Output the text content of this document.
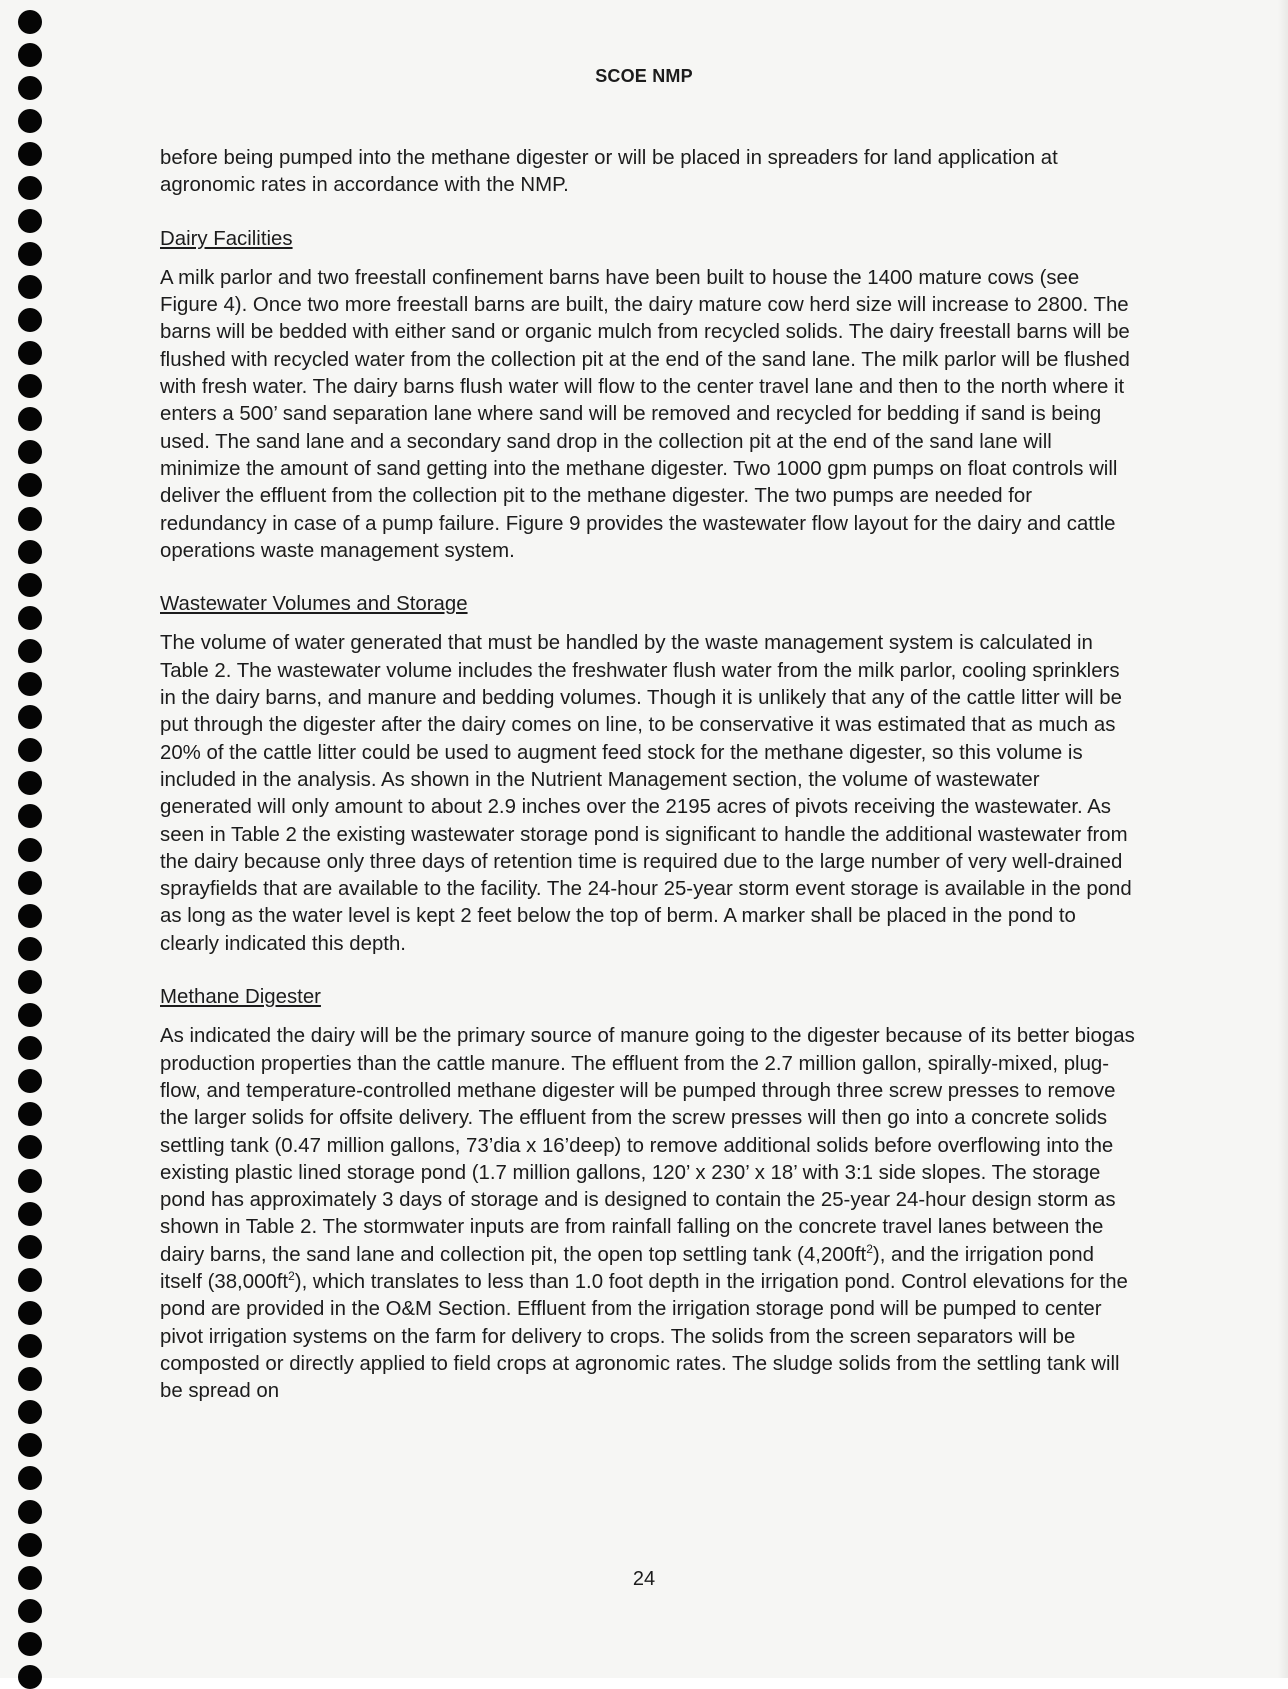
SCOE NMP

before being pumped into the methane digester or will be placed in spreaders for land application at agronomic rates in accordance with the NMP.

Dairy Facilities

A milk parlor and two freestall confinement barns have been built to house the 1400 mature cows (see Figure 4). Once two more freestall barns are built, the dairy mature cow herd size will increase to 2800. The barns will be bedded with either sand or organic mulch from recycled solids. The dairy freestall barns will be flushed with recycled water from the collection pit at the end of the sand lane. The milk parlor will be flushed with fresh water. The dairy barns flush water will flow to the center travel lane and then to the north where it enters a 500’ sand separation lane where sand will be removed and recycled for bedding if sand is being used. The sand lane and a secondary sand drop in the collection pit at the end of the sand lane will minimize the amount of sand getting into the methane digester. Two 1000 gpm pumps on float controls will deliver the effluent from the collection pit to the methane digester. The two pumps are needed for redundancy in case of a pump failure. Figure 9 provides the wastewater flow layout for the dairy and cattle operations waste management system.

Wastewater Volumes and Storage

The volume of water generated that must be handled by the waste management system is calculated in Table 2. The wastewater volume includes the freshwater flush water from the milk parlor, cooling sprinklers in the dairy barns, and manure and bedding volumes. Though it is unlikely that any of the cattle litter will be put through the digester after the dairy comes on line, to be conservative it was estimated that as much as 20% of the cattle litter could be used to augment feed stock for the methane digester, so this volume is included in the analysis. As shown in the Nutrient Management section, the volume of wastewater generated will only amount to about 2.9 inches over the 2195 acres of pivots receiving the wastewater. As seen in Table 2 the existing wastewater storage pond is significant to handle the additional wastewater from the dairy because only three days of retention time is required due to the large number of very well-drained sprayfields that are available to the facility. The 24-hour 25-year storm event storage is available in the pond as long as the water level is kept 2 feet below the top of berm. A marker shall be placed in the pond to clearly indicated this depth.

Methane Digester

As indicated the dairy will be the primary source of manure going to the digester because of its better biogas production properties than the cattle manure. The effluent from the 2.7 million gallon, spirally-mixed, plug-flow, and temperature-controlled methane digester will be pumped through three screw presses to remove the larger solids for offsite delivery. The effluent from the screw presses will then go into a concrete solids settling tank (0.47 million gallons, 73’dia x 16’deep) to remove additional solids before overflowing into the existing plastic lined storage pond (1.7 million gallons, 120’ x 230’ x 18’ with 3:1 side slopes. The storage pond has approximately 3 days of storage and is designed to contain the 25-year 24-hour design storm as shown in Table 2. The stormwater inputs are from rainfall falling on the concrete travel lanes between the dairy barns, the sand lane and collection pit, the open top settling tank $(4,200ft^2)$, and the irrigation pond itself $(38,000ft^2)$, which translates to less than 1.0 foot depth in the irrigation pond. Control elevations for the pond are provided in the O&M Section. Effluent from the irrigation storage pond will be pumped to center pivot irrigation systems on the farm for delivery to crops. The solids from the screen separators will be composted or directly applied to field crops at agronomic rates. The sludge solids from the settling tank will be spread on

24
